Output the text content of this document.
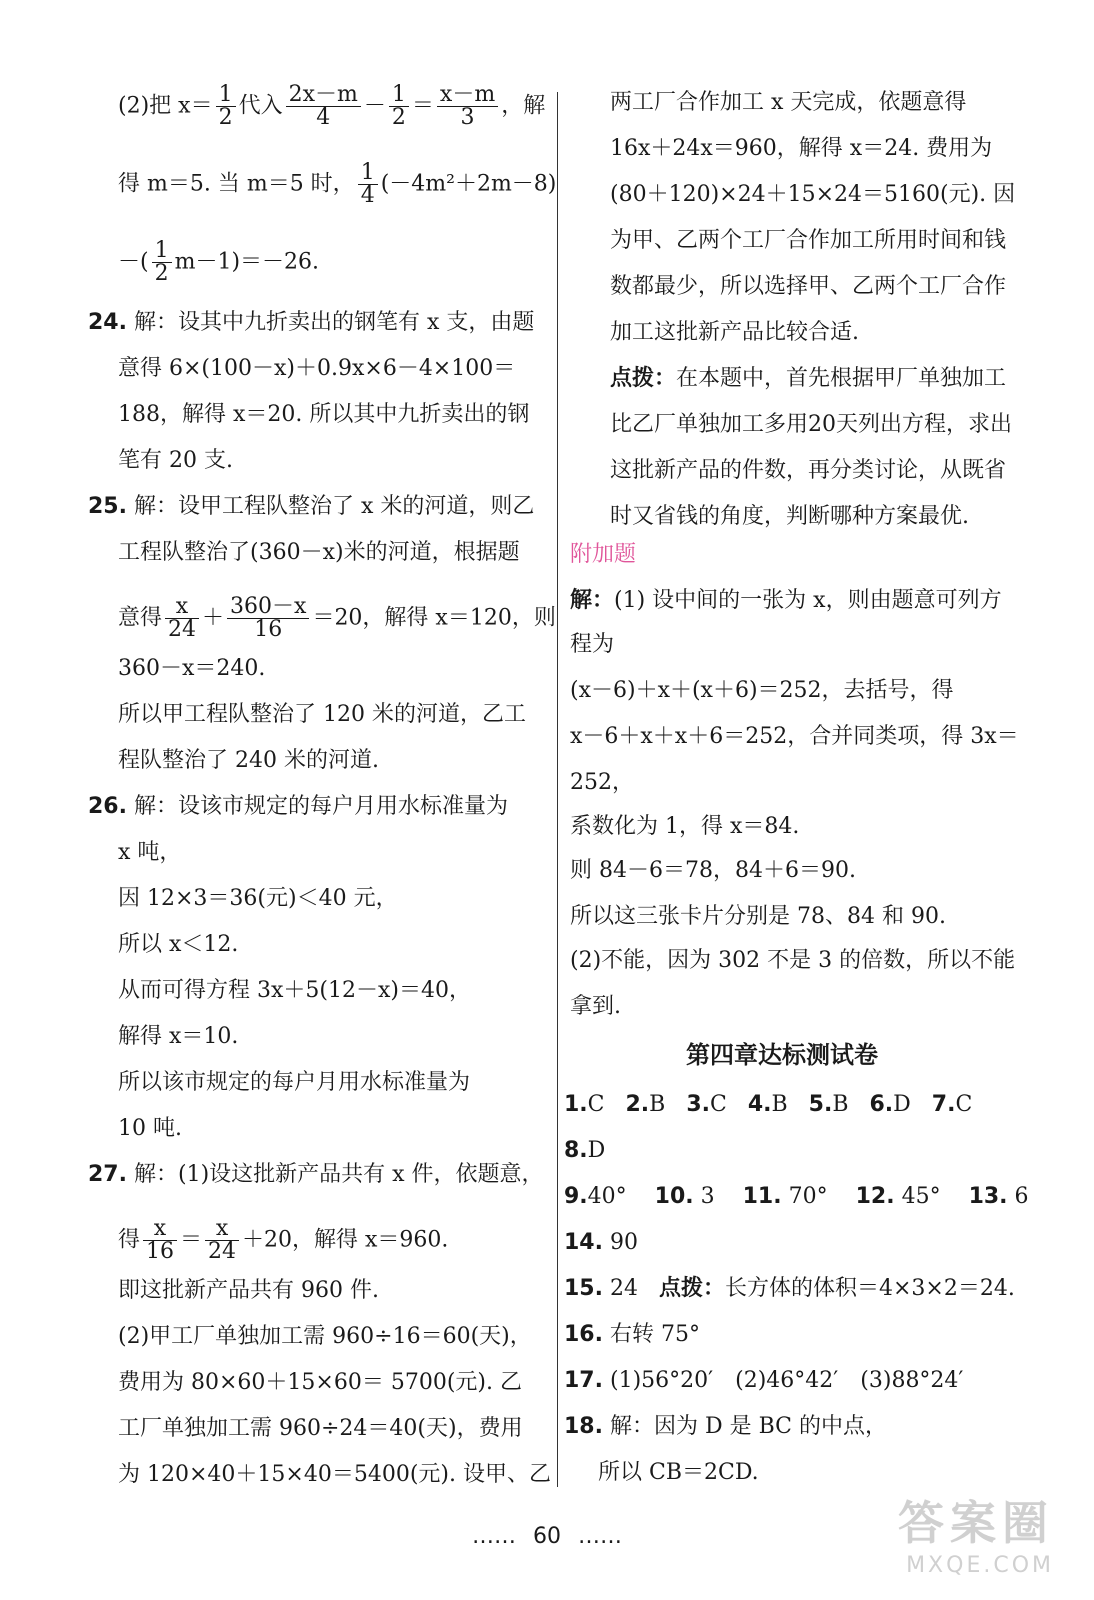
(2)把 $x= \frac{1}{2}$ 代入 $\frac{2x-m}{4} - \frac{1}{2} = \frac{x-m}{3}$ ，解
得 m＝5. 当 m＝5 时， $\frac{1}{4} (-4m^2+2m-8)$
－( $\frac{1}{2} m-1)=-26$.
24. 解：设其中九折卖出的钢笔有 x 支，由题
意得 6×(100－x)＋0.9x×6－4×100＝
188，解得 x＝20. 所以其中九折卖出的钢
笔有 20 支.
25. 解：设甲工程队整治了 x 米的河道，则乙
工程队整治了(360－x)米的河道，根据题
意得 $\frac{x}{24} + \frac{360-x}{16} =20$，解得 x＝120，则
360－x＝240.
所以甲工程队整治了 120 米的河道，乙工
程队整治了 240 米的河道.
26. 解：设该市规定的每户月用水标准量为
x 吨，
因 12×3＝36(元)＜40 元，
所以 x＜12.
从而可得方程 3x＋5(12－x)＝40，
解得 x＝10.
所以该市规定的每户月用水标准量为
10 吨.
27. 解：(1)设这批新产品共有 x 件，依题意，
得 $\frac{x}{16} = \frac{x}{24} +20$，解得 x＝960.
即这批新产品共有 960 件.
(2)甲工厂单独加工需 960÷16＝60(天)，
费用为 80×60＋15×60＝ 5700(元). 乙
工厂单独加工需 960÷24＝40(天)，费用
为 120×40＋15×40＝5400(元). 设甲、乙
两工厂合作加工 x 天完成，依题意得
16x＋24x＝960，解得 x＝24. 费用为
(80＋120)×24＋15×24＝5160(元). 因
为甲、乙两个工厂合作加工所用时间和钱
数都最少，所以选择甲、乙两个工厂合作
加工这批新产品比较合适.
点拨：在本题中，首先根据甲厂单独加工
比乙厂单独加工多用20天列出方程，求出
这批新产品的件数，再分类讨论，从既省
时又省钱的角度，判断哪种方案最优.
附加题
解：(1) 设中间的一张为 x，则由题意可列方
程为
(x－6)＋x＋(x＋6)＝252，去括号，得
x－6＋x＋x＋6＝252，合并同类项，得 3x＝
252，
系数化为 1，得 x＝84.
则 84－6＝78，84＋6＝90.
所以这三张卡片分别是 78、84 和 90.
(2)不能，因为 302 不是 3 的倍数，所以不能
拿到.
第四章达标测试卷
1.C 2.B 3.C 4.B 5.B 6.D 7.C
8.D
9.40° 10. 3 11. 70° 12. 45° 13. 6
14. 90
15. 24 点拨：长方体的体积＝4×3×2＝24.
16. 右转 75°
17. (1)56°20′　(2)46°42′　(3)88°24′
18. 解：因为 D 是 BC 的中点，
所以 CB＝2CD.
…… 60 ……	答案圈
MXQE.COM
